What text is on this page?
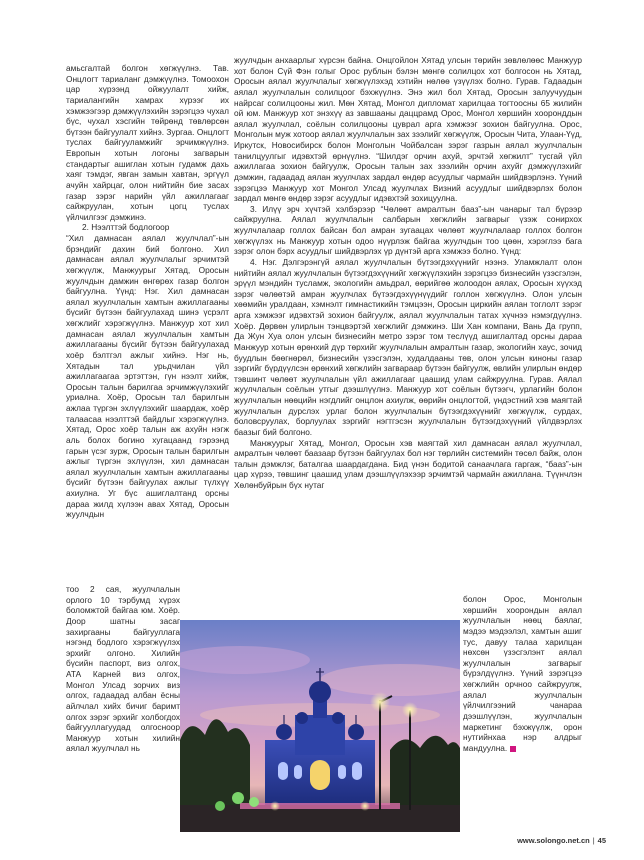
амьсгалтай болгон хөгжүүлнэ. Тав. Онцлогт тариаланг дэмжүүлнэ. Томоохон цар хүрээнд ойжуулалт хийж, тариалангийн хамрах хүрээг их хэмжээгээр дэмжүүлэхийн зэрэгцээ чухал бүс, чухал хэсгийн төйрөнд төвлөрсөн бүтээн байгуулалт хийнэ. Зургаа. Онцлогт туслах байгууламжийг эрчимжүүлнэ. Европын хотын логоны загварын стандартыг ашиглан хотын гудамж дахь хаяг тэмдэг, явган замын хавтан, эргүүл ачуйн хайрцаг, олон нийтийн бие засах газар зэрэг нарийн үйл ажиллагааг сайжруулан, хотын цогц туслах үйлчилгээг дэмжинэ.

2. Нээлттэй бодлогоор

“Хил дамнасан аялал жуулчлал”-ын брэндийг дахин бий болгоно. Хил дамнасан аялал жуулчлалыг эрчимтэй хөгжүүлж, Манжуурыг Хятад, Оросын жуулчдын дамжин өнгөрөх газар болгон байгуулна. Үүнд: Нэг. Хил дамнасан аялал жуулчлалын хамтын ажиллагааны бүсийг бүтээн байгуулахад шинэ үсрэлт хөгжлийг хэрэгжүүлнэ. Манжуур хот хил дамнасан аялал жуулчлалын хамтын ажиллагааны бүсийг бүтээн байгуулахад хоёр бэлтгэл ажлыг хийнэ. Нэг нь, Хятадын тал урьдчилан үйл ажиллагаагаа эртэттэн, гүн нээлт хийж, Оросын талын барилгаа эрчимжүүлэхийг уриална. Хоёр, Оросын тал барилгын ажлаа түргэн эхлүүлэхийг шаардаж, хоёр талаасаа нээлттэй байдлыг хэрэгжүүлнэ. Хятад, Орос хоёр талын аж ахуйн нэгж аль болох богино хугацаанд гэрээнд гарын үсэг зурж, Оросын талын барилгын ажлыг түргэн эхлүүлэн, хил дамнасан аялал жуулчлалын хамтын ажиллагааны бүсийг бүтээн байгуулах ажлыг түлхүү ахиулна. Уг бүс ашиглалтанд орсны дараа жилд хүлээн авах Хятад, Оросын жуулчдын

тоо 2 сая, жуулчлалын орлого 10 тэрбумд хүрэх боломжтой байгаа юм. Хоёр. Доор шатны засаг захиргааны байгууллага нэгэнд бодлого хэрэгжүүлэх эрхийг олгоно. Хилийн бүсийн паспорт, виз олгох, АТА Карней виз олгох, Монгол Улсад зорчих виз олгох, гадаадад албан ёсны айлчлал хийх бичиг баримт олгох зэрэг эрхийг холбогдох байгууллагуудад олгосноор Манжуур хотын хилийн аялал жуулчлал нь

жуулчдын анхаарлыг хүрсэн байна. Онцгойлон Хятад улсын төрийн зөвлөлөөс Манжуур хот болон Сүй Фэн голыг Орос рублын бэлэн мөнгө солилцох хот болгосон нь Хятад, Оросын аялал жуулчлалыг хөгжүүлэхэд хэтийн нөлөө үзүүлэх болно. Гурав. Гадаадын аялал жуулчлалын солилцоог бэхжүүлнэ. Энэ жил бол Хятад, Оросын залуучуудын найрсаг солилцооны жил. Мөн Хятад, Монгол дипломат харилцаа тогтоосны 65 жилийн ой юм. Манжуур хот энэхүү аз завшааны даццрамд Орос, Монгол хөршийн хооронддын аялал жуулчлал, соёлын солилцооны цуврал арга хэмжээг зохион байгуулна. Орос, Монголын муж хотоор аялал жуулчлалын зах зээлийг хөгжүүлж, Оросын Чита, Улаан-Үүд, Иркутск, Новосибирск болон Монголын Чойбалсан зэрэг газрын аялал жуулчлалын танилцуулгыг идэвхтэй өрнүүлнэ. “Шилдэг орчин ахуй, эрчтэй хөгжилт” тусгай үйл ажиллагаа зохион байгуулж, Оросын талын зах зээлийн орчин ахуйг дэмжүүлэхийг дэмжин, гадаадад аялан жуулчлах зардал өндөр асуудлыг чармайн шийдвэрлэнэ. Үүний зэрэгцээ Манжуур хот Монгол Улсад жуулчлах Визний асуудлыг шийдвэрлэх болон зардал мөнгө өндөр зэрэг асуудлыг идэвхтэй зохицуулна.

3. Илүү эрч хүчтэй хэлбэрээр “Чөлөөт амралтын бааз”-ын чанарыг тал бүрээр сайжруулна. Аялал жуулчлалын салбарын хөгжлийн загварыг үзэж сонирхох жуулчлалаар голлох байсан бол амран зугаацах чөлөөт жуулчлалаар голлох болгон хөгжүүлэх нь Манжуур хотын одоо нүүрлэж байгаа жуулчдын тоо цөөн, хэрэглээ бага зэрэг олон бэрх асуудлыг шийдвэрлэх үр дүнтэй арга хэмжээ болно. Үүнд:

4. Нэг. Дэлгэрэнгүй аялал жуулчлалын бүтээгдэхүүнийг нээнэ. Уламжлалт олон нийтийн аялал жуулчлалын бүтээгдэхүүнийг хөгжүүлэхийн зэрэгцээ бизнесийн үзэсгэлэн, эрүүл мэндийн тусламж, экологийн амьдрал, өөрийгөө жолоодон аялах, Оросын хүүхэд зэрэг чөлөөтэй амран жуулчлах бүтээгдэхүүнүүдийг голлон хөгжүүлнэ. Олон улсын хөөмийн уралдаан, хэмнэлт гимнастикийн тэмцээн, Оросын циркийн аялан тоглолт зэрэг арга хэмжээг идэвхтэй зохион байгуулж, аялал жуулчлалын татах хүчнээ нэмэгдүүлнэ. Хоёр. Дөрвөн улирлын тэнцвэртэй хөгжлийг дэмжинэ. Ши Хан компани, Вань Да групп, Да Жун Хуа олон улсын бизнесийн метро зэрэг том тeслүүд ашиглалтад орсны дараа Манжуур хотын өрөнхий дүр төрхийг жуулчлалын амралтын газар, экологийн хаус, зочид буудлын бөөгнөрөл, бизнесийн үзэсгэлэн, худалдааны төв, олон улсын киноны газар зэргийг бүрдүүлсэн өрөнхий хөгжлийн загвараар бүтээн байгуулж, өвлийн улирлын өндөр тэвшинт чөлөөт жуулчлалын үйл ажиллагааг цаашид улам сайжруулна. Гурав. Аялал жуулчлалын соёлын утгыг дээшлүүлнэ. Манжуур хот соёлын бүтээгч, урлагийн болон жуулчлалын нөөцийн нэгдлийг онцлон ахиулж, өөрийн онцлогтой, үндэстний хэв маягтай жуулчлалын дурслэх урлаг болон жуулчлалын бүтээгдэхүүнийг хөгжүүлж, сурдах, боловсруулах, борлуулах зэргийг нэгтгэсэн жуулчлалын бүтээгдэхүүний үйлдвэрлэх баазыг бий болгоно.

Манжуурыг Хятад, Монгол, Оросын хэв маягтай хил дамнасан аялал жуулчлал, амралтын чөлөөт баазаар бүтээн байгуулах бол нэг төрлийн системийн төсөл байж, олон талын дэмжлэг, баталгаа шаардагдана. Бид үнэн бодитой санаачлага гаргаж, “бааз”-ын цар хүрээ, төвшинг цаашид улам дээшлүүлэхээр эрчимтэй чармайн ажиллана. Түүнчлэн Хөлөнбуйрын бүх нутаг

болон Орос, Монголын хөршийн хоорондын аялал жуулчлалын нөөц баялаг, мэдээ мэдээлэл, хамтын ашиг тус, давуу талаа харилцан нөхсөн үзэсгэлэнт аялал жуулчлалын загварыг бүрэлдүүлнэ. Үүний зэрэгцээ хөгжлийн орчноо сайжруулж, аялал жуулчлалын үйлчилгээний чанараа дээшлүүлэн, жуулчлалын маркетинг бэхжүүлж, орон нутгийнхаа нэр алдрыг мандуулна.

www.solongo.net.cn | 45
